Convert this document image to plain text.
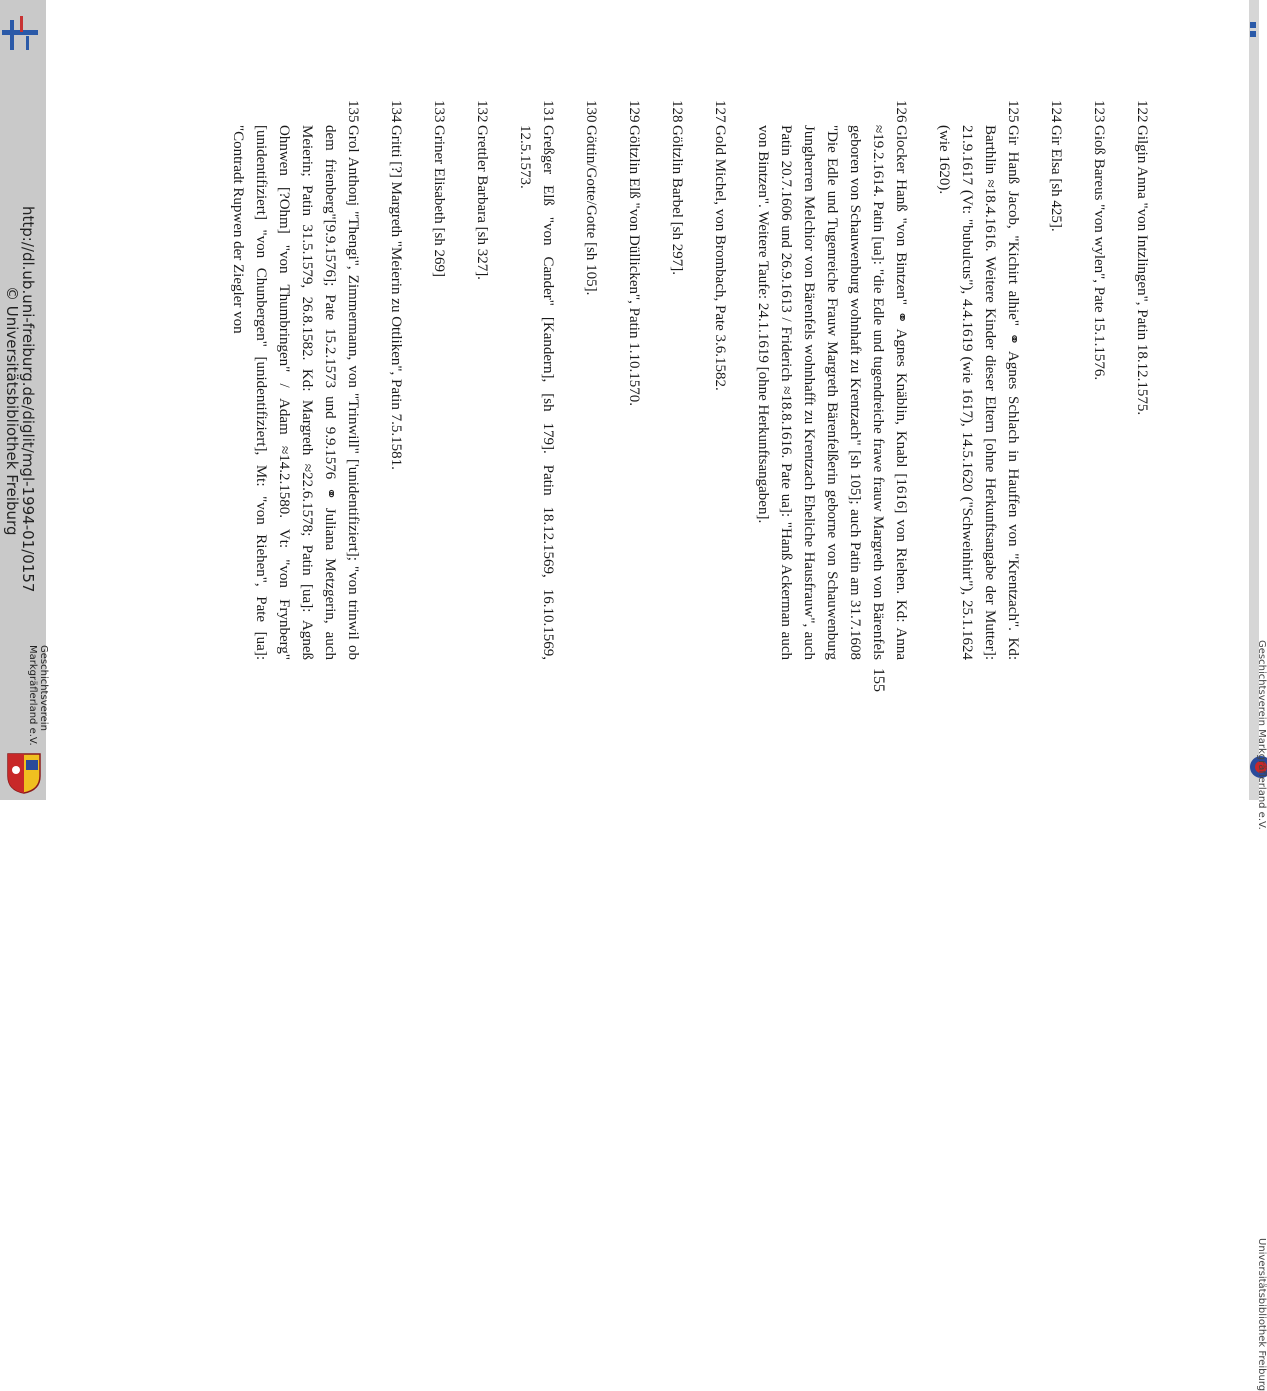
Universitätsbibliothek Freiburg
Geschichtsverein Markgräflerland e.V.
122
Gilgin Anna "von Intzlingen", Patin 18.12.1575.
123
Gioß Bareus "von wylen", Pate 15.1.1576.
124
Gir Elsa [sh 425].
125
Gir Hanß Jacob, "Kichirt alhie" ⚭ Agnes Schlach in Hauffen von "Krentzach". Kd: Barthlin ≈18.4.1616. Weitere Kinder dieser Eltern [ohne Herkunftsangabe der Mutter]: 21.9.1617 (Vt: "bubulcus"), 4.4.1619 (wie 1617), 14.5.1620 ("Schweinhirt"), 25.1.1624 (wie 1620).
126
Glocker Hanß "von Bintzen" ⚭ Agnes Knäblin, Knabl [1616] von Riehen. Kd: Anna ≈19.2.1614. Patin [ua]: "die Edle und tugendreiche frawe frauw Margreth von Bärenfels geboren von Schauwenburg wohnhaft zu Krentzach" [sh 105]; auch Patin am 31.7.1608 "Die Edle und Tugenreiche Frauw Margreth Bärenfelßerin geborne von Schauwenburg Jungherren Melchior von Bärenfels wohnhafft zu Krentzach Eheliche Hausfrauw", auch Patin 20.7.1606 und 26.9.1613 / Friderich ≈18.8.1616. Pate ua]: "Hanß Ackerman auch von Bintzen". Weitere Taufe: 24.1.1619 [ohne Herkunftsangaben].
127
Gold Michel, von Brombach, Pate 3.6.1582.
128
Göltzlin Barbel [sh 297].
129
Göltzlin Elß "von Düllicken", Patin 1.10.1570.
130
Göttin/Gotte/Gotte [sh 105].
131
Greßger Elß "von Cander" [Kandern], [sh 179]. Patin 18.12.1569, 16.10.1569, 12.5.1573.
132
Grettler Barbara [sh 327].
133
Griner Elisabeth [sh 269]
134
Gritti [?] Margreth "Meierin zu Ottliken", Patin 7.5.1581.
135
Grol Anthonj "Thengi", Zimmermann, von "Trinwill" ['unidentifiziert]; "von trinwil ob dem frienberg"[9.9.1576]; Pate 15.2.1573 und 9.9.1576 ⚭ Juliana Metzgerin, auch Meierin; Patin 31.5.1579, 26.8.1582. Kd: Margreth ≈22.6.1578; Patin [ua]: Agneß Ohnwen [?Ohm] "von Thumbringen" / Adam ≈14.2.1580. Vt: "von Frynberg" [unidentifiziert] "von Chunbergen" [unidentifiziert], Mt: "von Riehen", Pate [ua]: "Contradt Rupwen der Ziegler von
155
http://dl.ub.uni-freiburg.de/diglit/mgl-1994-01/0157
© Universitätsbibliothek Freiburg
Geschichtsverein
Markgräflerland e.V.
